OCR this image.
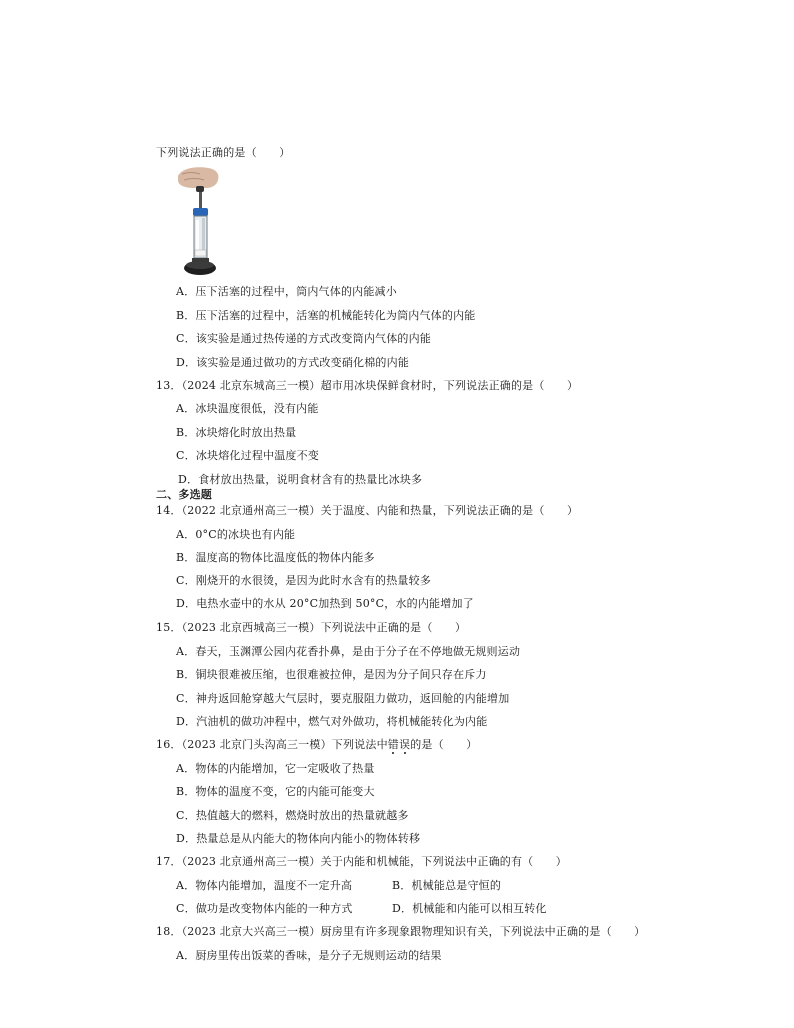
下列说法正确的是（　　）
A．压下活塞的过程中，筒内气体的内能减小
B．压下活塞的过程中，活塞的机械能转化为筒内气体的内能
C．该实验是通过热传递的方式改变筒内气体的内能
D．该实验是通过做功的方式改变硝化棉的内能
13．（2024 北京东城高三一模）超市用冰块保鲜食材时，下列说法正确的是（　　）
A．冰块温度很低，没有内能
B．冰块熔化时放出热量
C．冰块熔化过程中温度不变
D．食材放出热量，说明食材含有的热量比冰块多
二、多选题
14．（2022 北京通州高三一模）关于温度、内能和热量，下列说法正确的是（　　）
A．0°C的冰块也有内能
B．温度高的物体比温度低的物体内能多
C．刚烧开的水很烫，是因为此时水含有的热量较多
D．电热水壶中的水从 20°C加热到 50°C，水的内能增加了
15．（2023 北京西城高三一模）下列说法中正确的是（　　）
A．春天，玉渊潭公园内花香扑鼻，是由于分子在不停地做无规则运动
B．铜块很难被压缩，也很难被拉伸，是因为分子间只存在斥力
C．神舟返回舱穿越大气层时，要克服阻力做功，返回舱的内能增加
D．汽油机的做功冲程中，燃气对外做功，将机械能转化为内能
16．（2023 北京门头沟高三一模）下列说法中错误的是（　　）
A．物体的内能增加，它一定吸收了热量
B．物体的温度不变，它的内能可能变大
C．热值越大的燃料，燃烧时放出的热量就越多
D．热量总是从内能大的物体向内能小的物体转移
17．（2023 北京通州高三一模）关于内能和机械能，下列说法中正确的有（　　）
A．物体内能增加，温度不一定升高	B．机械能总是守恒的
C．做功是改变物体内能的一种方式	D．机械能和内能可以相互转化
18．（2023 北京大兴高三一模）厨房里有许多现象跟物理知识有关，下列说法中正确的是（　　）
A．厨房里传出饭菜的香味，是分子无规则运动的结果
